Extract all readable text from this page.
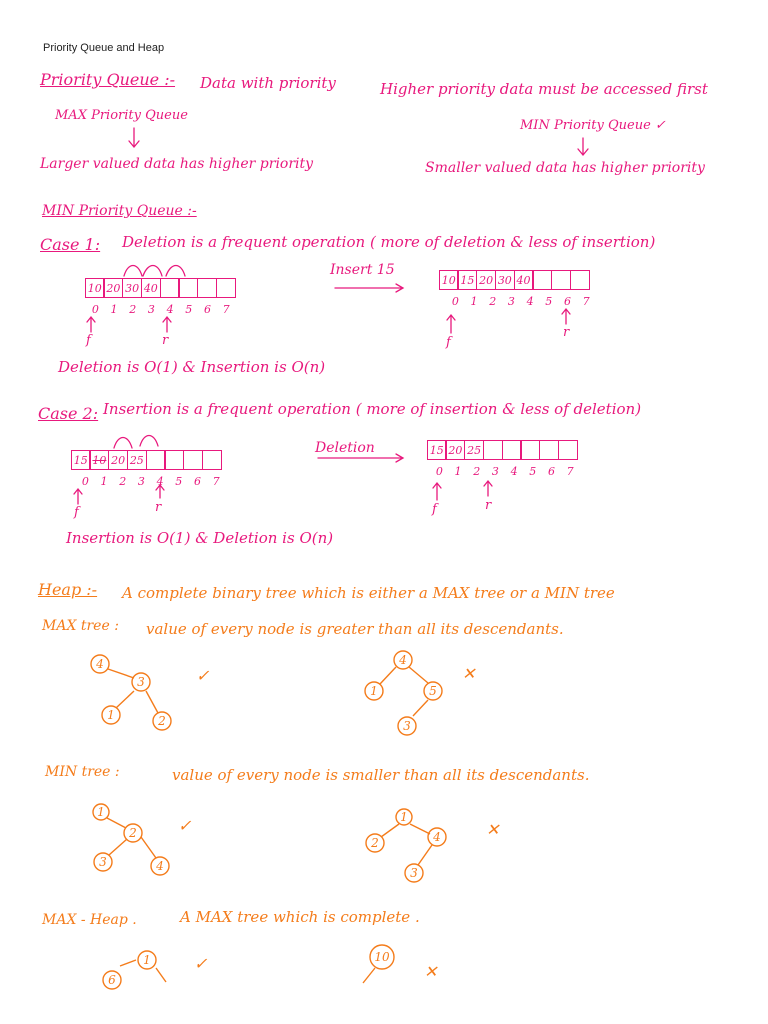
Priority Queue and Heap
Priority Queue :- Data with priority	Higher priority data must be accessed first
MAX Priority Queue
Larger valued data has higher priority
MIN Priority Queue ✓
Smaller valued data has higher priority
MIN Priority Queue :-
Case 1: Deletion is a frequent operation ( more of deletion & less of insertion)
10 20 30 40
0	1	2	3	4	5	6	7
f	r
Insert 15
10 15 20 30 40
0	1	2	3	4	5	6	7
f
r
Deletion is O(1) & Insertion is O(n)
Case 2: Insertion is a frequent operation ( more of insertion & less of deletion)
15 10 20 25
0	1	2	3	4	5	6	7
f	r
Deletion	15 20 25
0	1	2	3	4	5	6	7
f	r
Insertion is O(1) & Deletion is O(n)
Heap :- A complete binary tree which is either a MAX tree or a MIN tree
MAX tree : value of every node is greater than all its descendants.
MIN tree :	value of every node is smaller than all its descendants.
MAX - Heap .	A MAX tree which is complete .
✓	✕
✓	✕
✓	✕
4
3
1	2
4
1	5
3
1
2
3	4
1
2	4
3
6
1	10
